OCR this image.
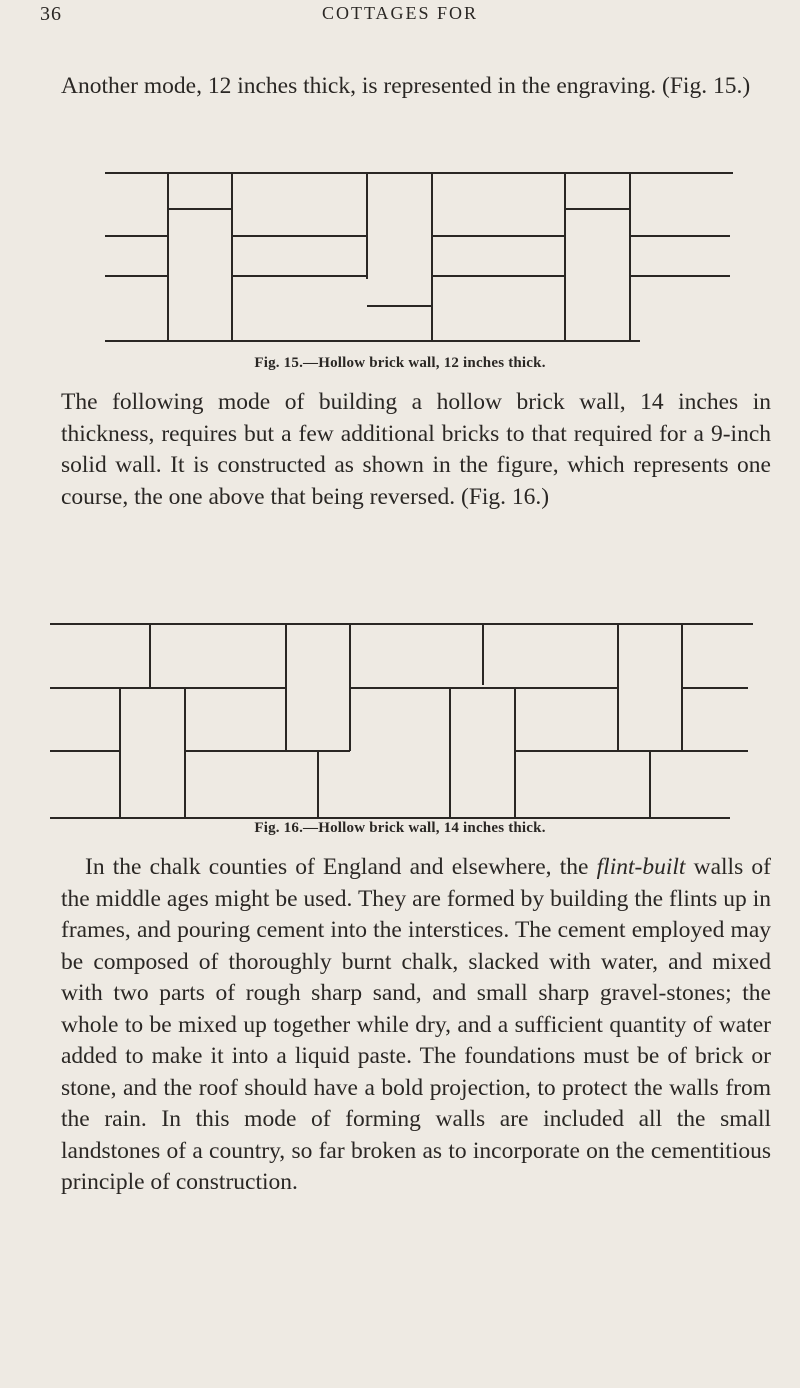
36	COTTAGES FOR

Another mode, 12 inches thick, is represented in the engraving. (Fig. 15.)

Fig. 15.—Hollow brick wall, 12 inches thick.

The following mode of building a hollow brick wall, 14 inches in thickness, requires but a few additional bricks to that required for a 9-inch solid wall. It is constructed as shown in the figure, which represents one course, the one above that being reversed. (Fig. 16.)

Fig. 16.—Hollow brick wall, 14 inches thick.

In the chalk counties of England and elsewhere, the flint-built walls of the middle ages might be used. They are formed by building the flints up in frames, and pouring cement into the interstices. The cement employed may be composed of thoroughly burnt chalk, slacked with water, and mixed with two parts of rough sharp sand, and small sharp gravel-stones; the whole to be mixed up together while dry, and a sufficient quantity of water added to make it into a liquid paste. The foundations must be of brick or stone, and the roof should have a bold projection, to protect the walls from the rain. In this mode of forming walls are included all the small landstones of a country, so far broken as to incorporate on the cementitious principle of construction.
